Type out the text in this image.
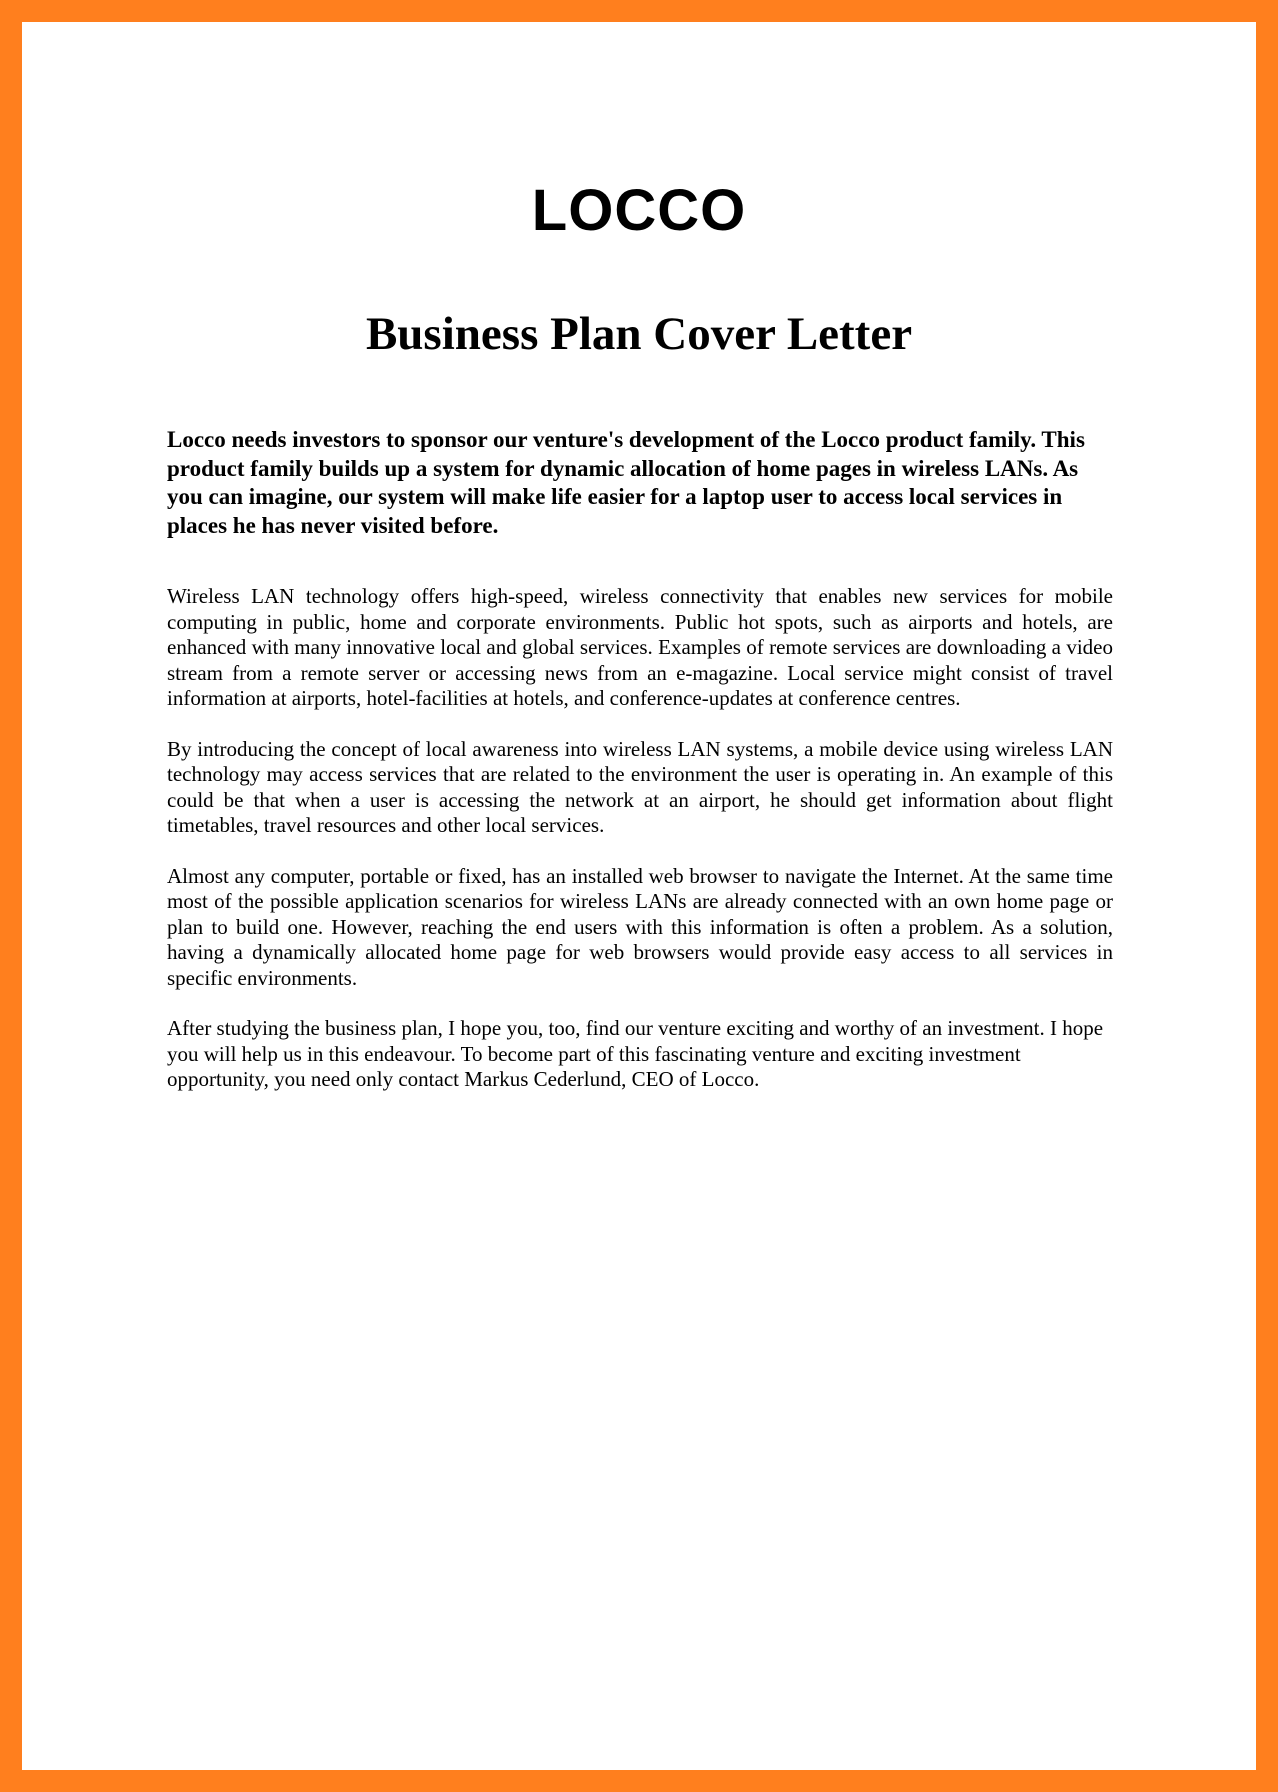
LOCCO
Business Plan Cover Letter

Locco needs investors to sponsor our venture's development of the Locco product family. This product family builds up a system for dynamic allocation of home pages in wireless LANs. As you can imagine, our system will make life easier for a laptop user to access local services in places he has never visited before.

Wireless LAN technology offers high-speed, wireless connectivity that enables new services for mobile computing in public, home and corporate environments. Public hot spots, such as airports and hotels, are enhanced with many innovative local and global services. Examples of remote services are downloading a video stream from a remote server or accessing news from an e-magazine. Local service might consist of travel information at airports, hotel-facilities at hotels, and conference-updates at conference centres.

By introducing the concept of local awareness into wireless LAN systems, a mobile device using wireless LAN technology may access services that are related to the environment the user is operating in. An example of this could be that when a user is accessing the network at an airport, he should get information about flight timetables, travel resources and other local services.

Almost any computer, portable or fixed, has an installed web browser to navigate the Internet. At the same time most of the possible application scenarios for wireless LANs are already connected with an own home page or plan to build one. However, reaching the end users with this information is often a problem. As a solution, having a dynamically allocated home page for web browsers would provide easy access to all services in specific environments.

After studying the business plan, I hope you, too, find our venture exciting and worthy of an investment. I hope you will help us in this endeavour. To become part of this fascinating venture and exciting investment opportunity, you need only contact Markus Cederlund, CEO of Locco.
